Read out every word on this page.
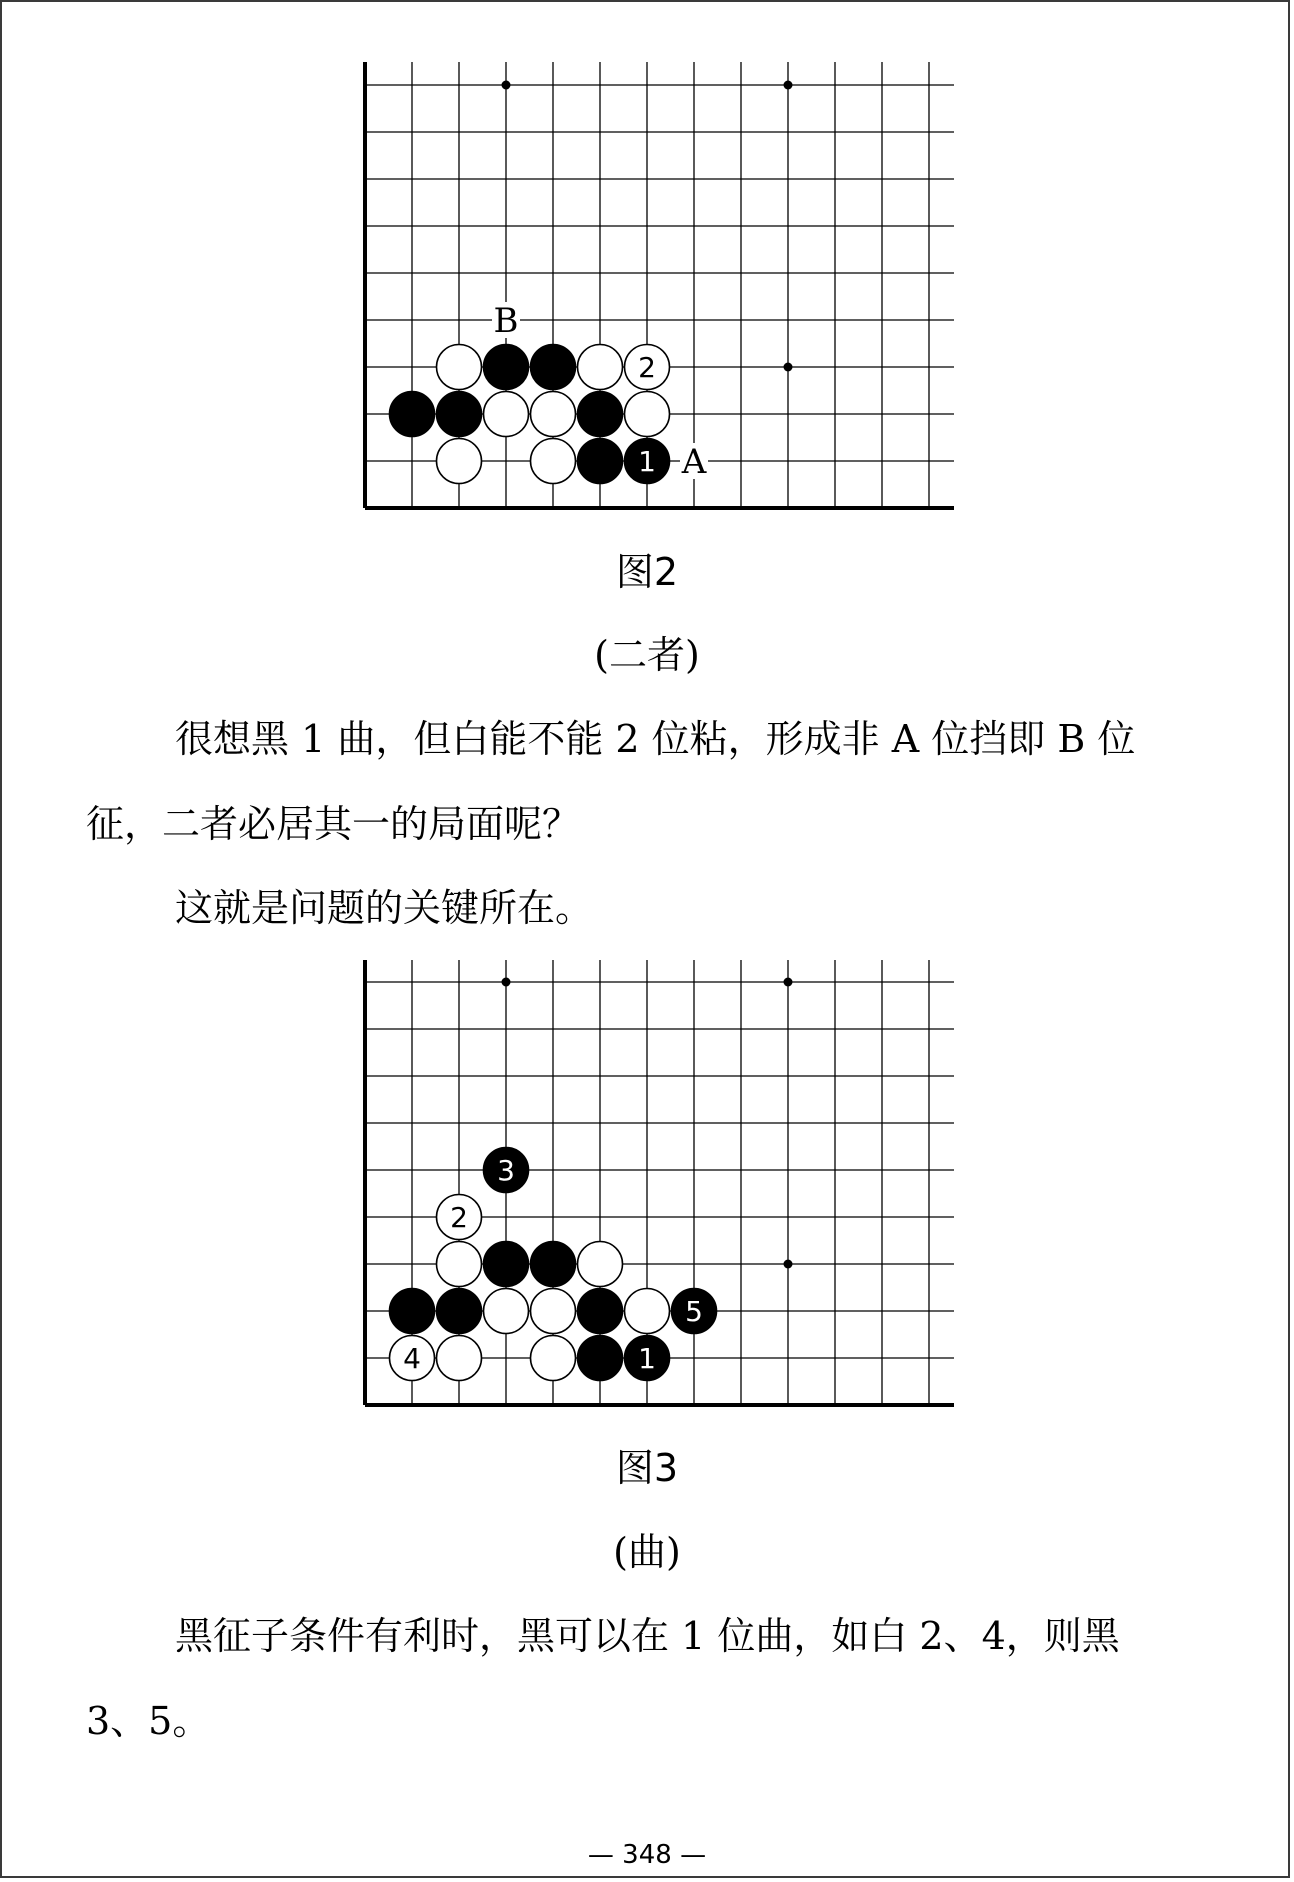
B
A
2
1
图2
(二者)
很想黑 1 曲，但白能不能 2 位粘，形成非 A 位挡即 B 位
征，二者必居其一的局面呢？
这就是问题的关键所在。
3
2
5
4	1
图3
(曲)
黑征子条件有利时，黑可以在 1 位曲，如白 2、4，则黑
3、5。
— 348 —
